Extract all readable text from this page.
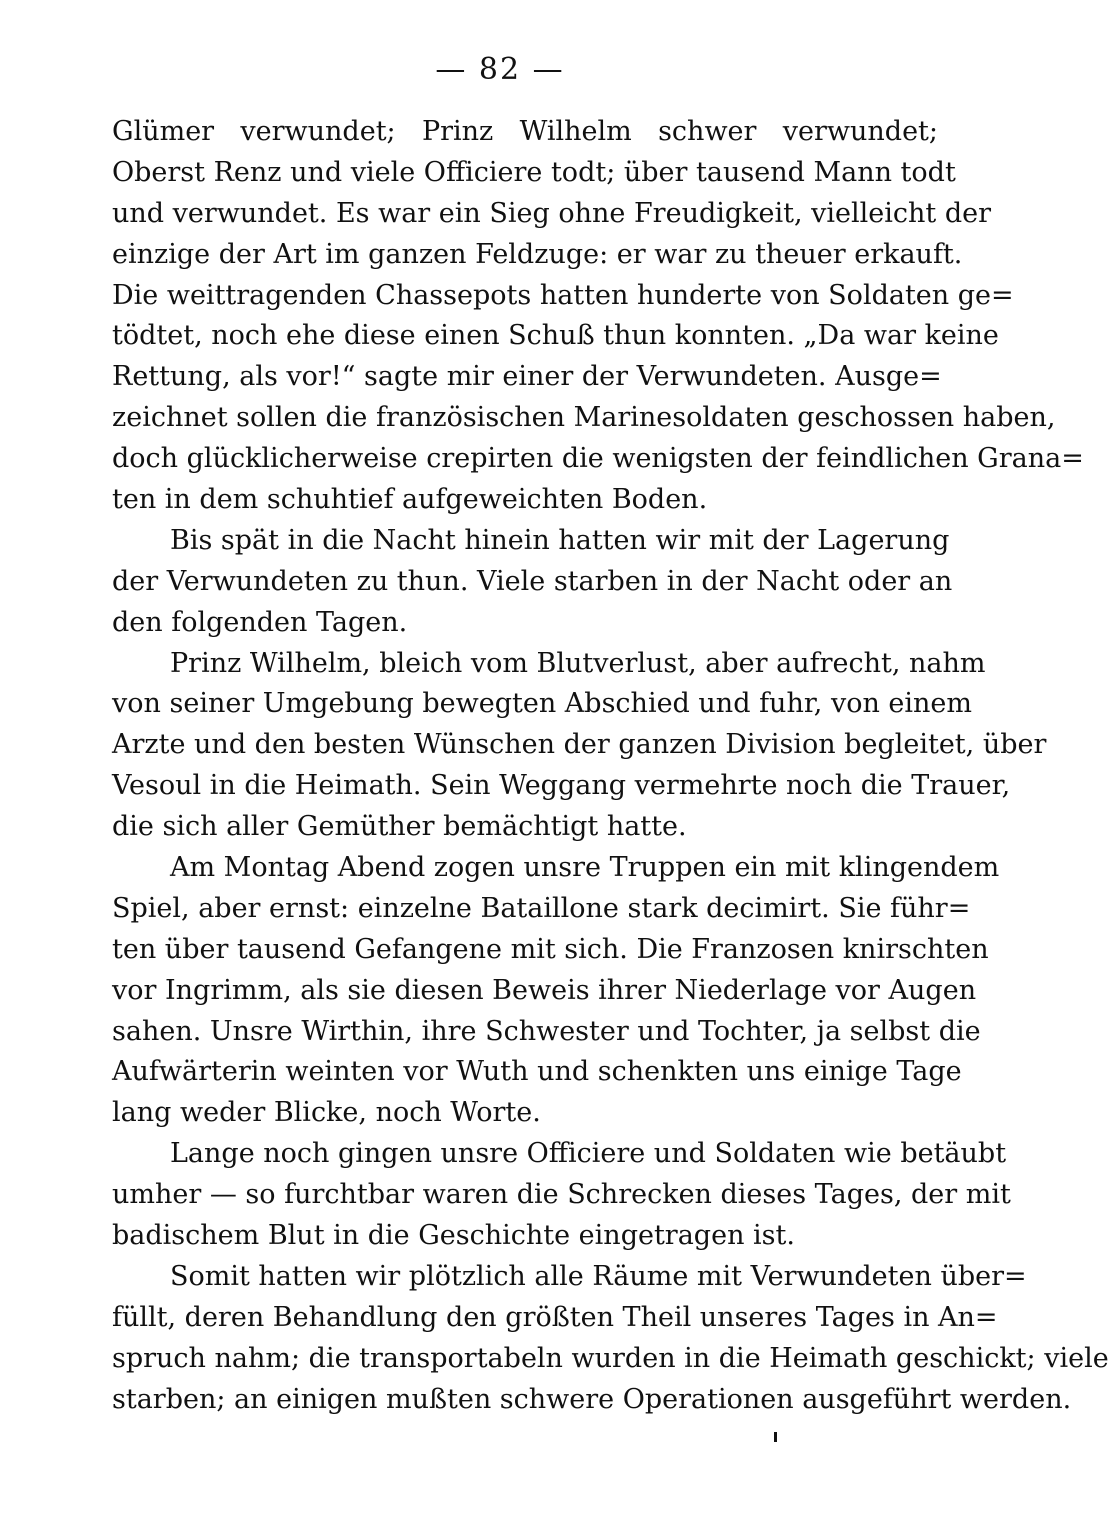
— 82 —
Glümer verwundet; Prinz Wilhelm schwer verwundet;
Oberst Renz und viele Officiere todt; über tausend Mann todt
und verwundet. Es war ein Sieg ohne Freudigkeit, vielleicht der
einzige der Art im ganzen Feldzuge: er war zu theuer erkauft.
Die weittragenden Chassepots hatten hunderte von Soldaten ge=
tödtet, noch ehe diese einen Schuß thun konnten. „Da war keine
Rettung, als vor!“ sagte mir einer der Verwundeten. Ausge=
zeichnet sollen die französischen Marinesoldaten geschossen haben,
doch glücklicherweise crepirten die wenigsten der feindlichen Grana=
ten in dem schuhtief aufgeweichten Boden.
Bis spät in die Nacht hinein hatten wir mit der Lagerung
der Verwundeten zu thun. Viele starben in der Nacht oder an
den folgenden Tagen.
Prinz Wilhelm, bleich vom Blutverlust, aber aufrecht, nahm
von seiner Umgebung bewegten Abschied und fuhr, von einem
Arzte und den besten Wünschen der ganzen Division begleitet, über
Vesoul in die Heimath. Sein Weggang vermehrte noch die Trauer,
die sich aller Gemüther bemächtigt hatte.
Am Montag Abend zogen unsre Truppen ein mit klingendem
Spiel, aber ernst: einzelne Bataillone stark decimirt. Sie führ=
ten über tausend Gefangene mit sich. Die Franzosen knirschten
vor Ingrimm, als sie diesen Beweis ihrer Niederlage vor Augen
sahen. Unsre Wirthin, ihre Schwester und Tochter, ja selbst die
Aufwärterin weinten vor Wuth und schenkten uns einige Tage
lang weder Blicke, noch Worte.
Lange noch gingen unsre Officiere und Soldaten wie betäubt
umher — so furchtbar waren die Schrecken dieses Tages, der mit
badischem Blut in die Geschichte eingetragen ist.
Somit hatten wir plötzlich alle Räume mit Verwundeten über=
füllt, deren Behandlung den größten Theil unseres Tages in An=
spruch nahm; die transportabeln wurden in die Heimath geschickt; viele
starben; an einigen mußten schwere Operationen ausgeführt werden.
